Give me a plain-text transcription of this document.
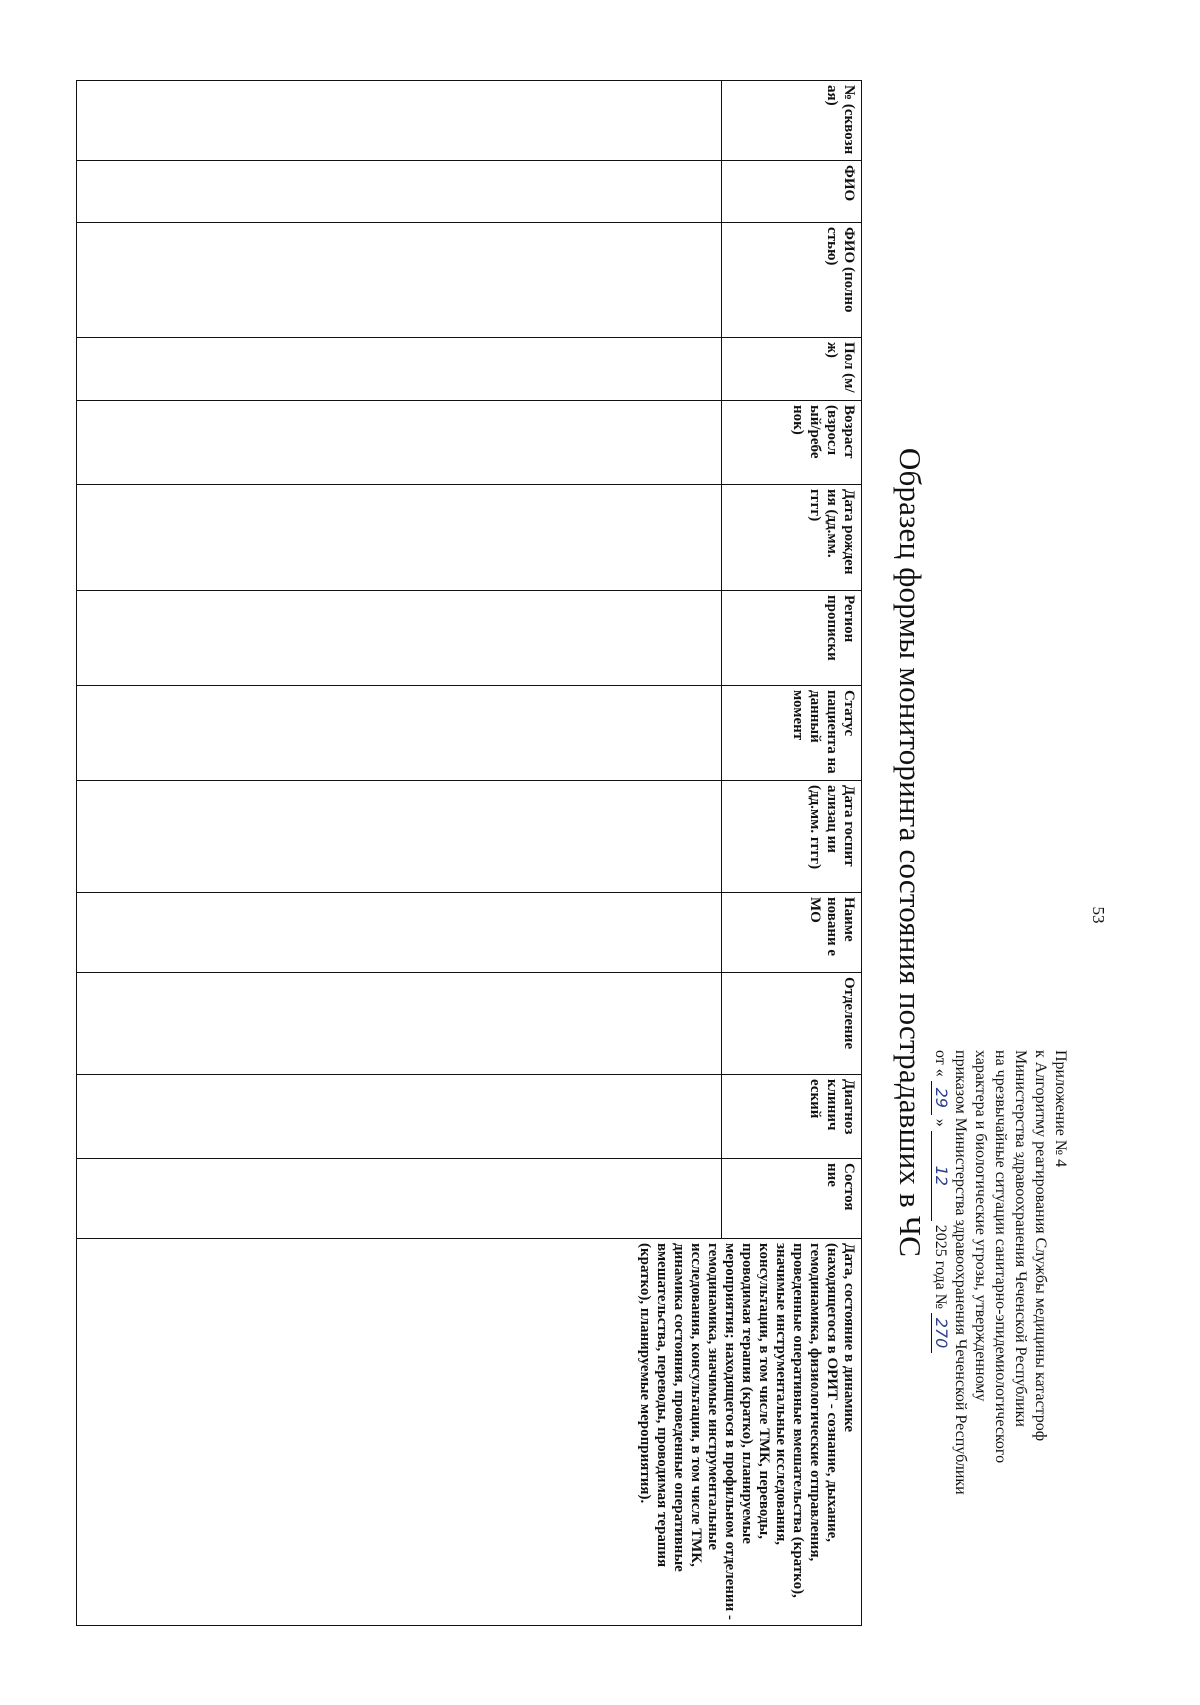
53
Приложение № 4
к Алгоритму реагирования Службы медицины катастроф
Министерства здравоохранения Чеченской Республики
на чрезвычайные ситуации санитарно-эпидемиологического
характера и биологические угрозы, утвержденному
приказом Министерства здравоохранения Чеченской Республики
от « 29 » 12 2025 года № 270
Образец формы мониторинга состояния пострадавших в ЧС
№ (сквозн ая)	ФИО	ФИО (полно стью)	Пол (м/ж)	Возраст (взросл ый/ребе нок)	Дата рожден ия (дд.мм. гггг)	Регион прописки	Статус пациента на данный момент	Дата госпит ализац ии (дд.мм. гггг)	Наиме новани е МО	Отделение	Диагноз клинич еский	Состоя ние	Дата, состояние в динамике
(находящегося в ОРИТ - сознание, дыхание, гемодинамика, физиологические отправления, проведенные оперативные вмешательства (кратко), значимые инструментальные исследования, консультации, в том числе ТМК, переводы, проводимая терапия (кратко), планируемые мероприятия; находящегося в профильном отделении - гемодинамика, значимые инструментальные исследования, консультации, в том числе ТМК, динамика состояния, проведенные оперативные вмешательства, переводы, проводимая терапия (кратко), планируемые мероприятия).
